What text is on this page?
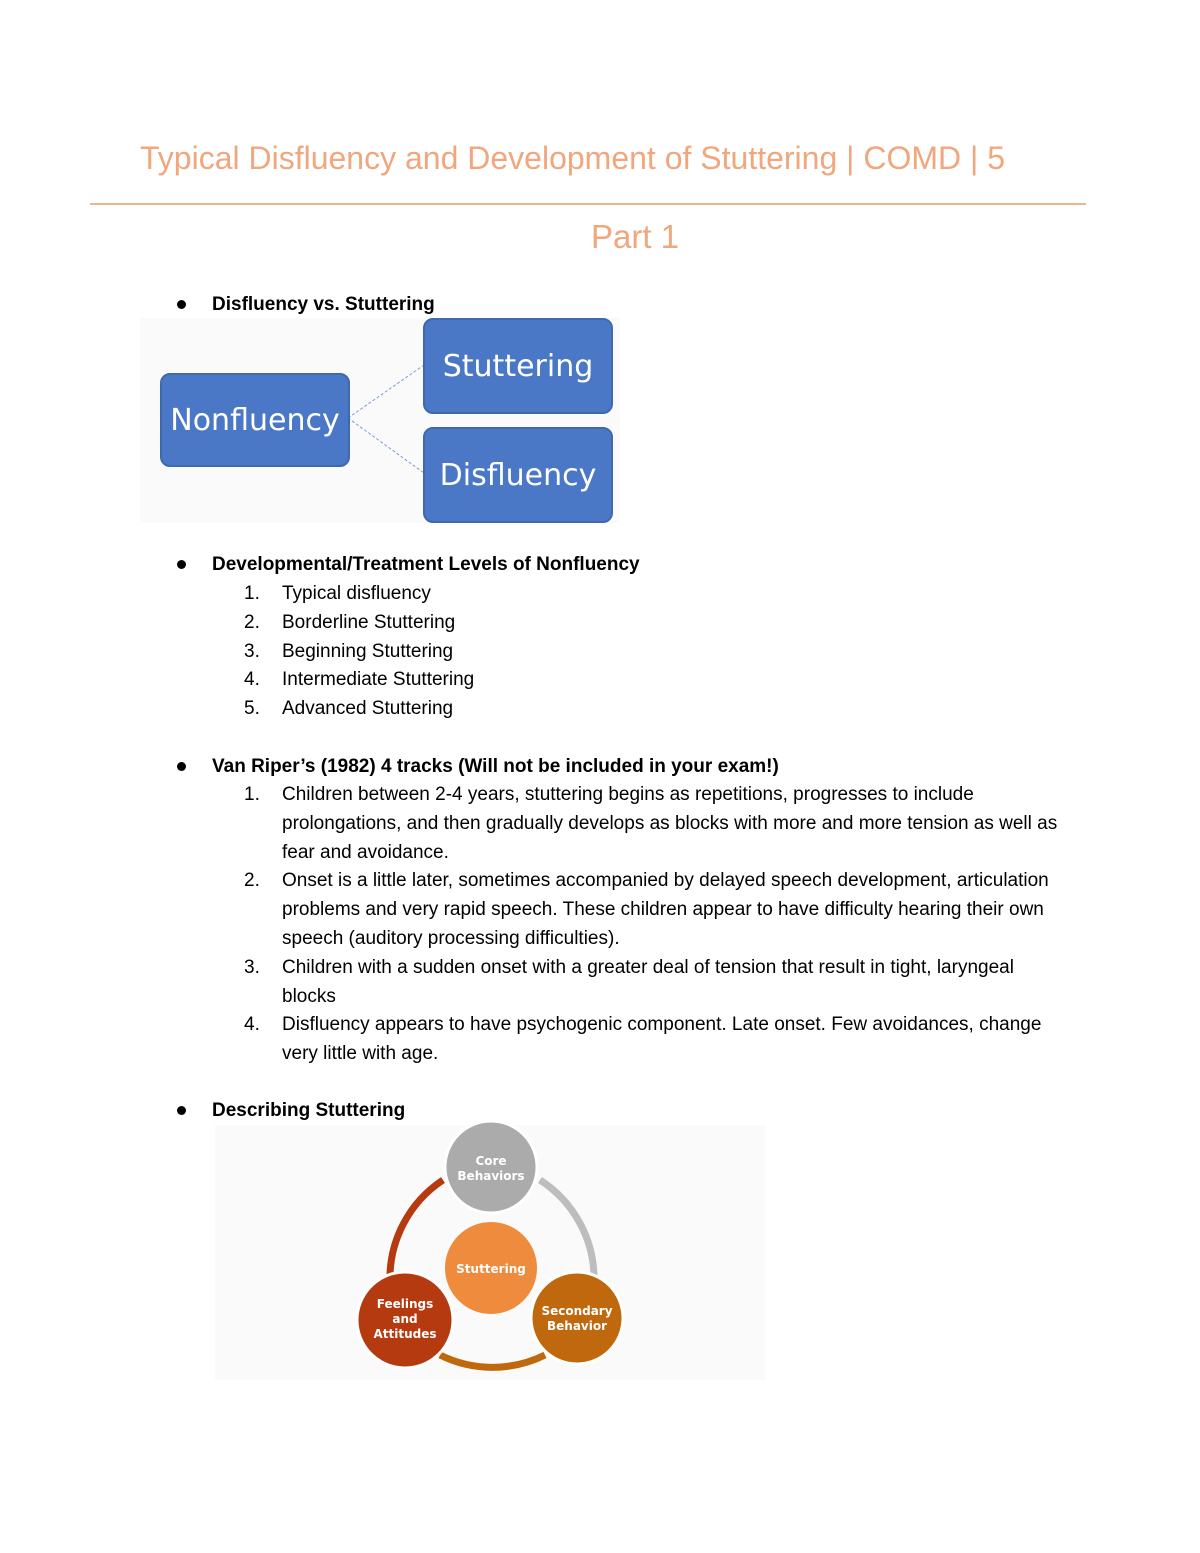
Typical Disfluency and Development of Stuttering | COMD | 5
Part 1
Disfluency vs. Stuttering
Nonfluency
Stuttering
Disfluency
Developmental/Treatment Levels of Nonfluency
1. Typical disfluency
2. Borderline Stuttering
3. Beginning Stuttering
4. Intermediate Stuttering
5. Advanced Stuttering
Van Riper’s (1982) 4 tracks (Will not be included in your exam!)
1. Children between 2-4 years, stuttering begins as repetitions, progresses to include prolongations, and then gradually develops as blocks with more and more tension as well as fear and avoidance.
2. Onset is a little later, sometimes accompanied by delayed speech development, articulation problems and very rapid speech. These children appear to have difficulty hearing their own speech (auditory processing difficulties).
3. Children with a sudden onset with a greater deal of tension that result in tight, laryngeal blocks
4. Disfluency appears to have psychogenic component. Late onset. Few avoidances, change very little with age.
Describing Stuttering
Core
Behaviors
Stuttering
Secondary
Behavior
Feelings
and
Attitudes
